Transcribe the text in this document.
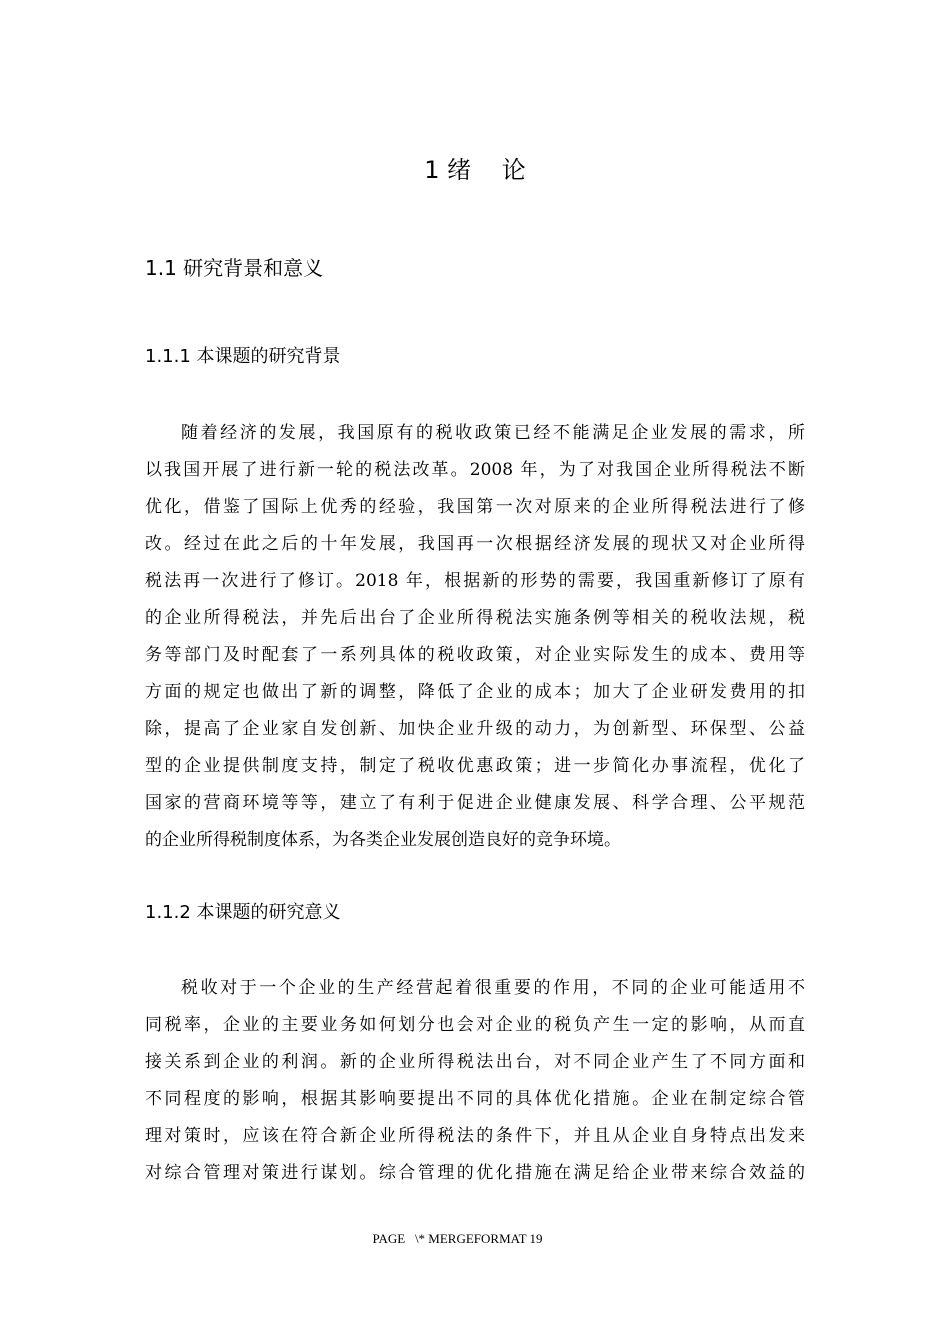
1 绪    论
1.1 研究背景和意义
1.1.1 本课题的研究背景
随着经济的发展，我国原有的税收政策已经不能满足企业发展的需求，所
以我国开展了进行新一轮的税法改革。2008 年，为了对我国企业所得税法不断
优化，借鉴了国际上优秀的经验，我国第一次对原来的企业所得税法进行了修
改。经过在此之后的十年发展，我国再一次根据经济发展的现状又对企业所得
税法再一次进行了修订。2018 年，根据新的形势的需要，我国重新修订了原有
的企业所得税法，并先后出台了企业所得税法实施条例等相关的税收法规，税
务等部门及时配套了一系列具体的税收政策，对企业实际发生的成本、费用等
方面的规定也做出了新的调整，降低了企业的成本；加大了企业研发费用的扣
除，提高了企业家自发创新、加快企业升级的动力，为创新型、环保型、公益
型的企业提供制度支持，制定了税收优惠政策；进一步简化办事流程，优化了
国家的营商环境等等，建立了有利于促进企业健康发展、科学合理、公平规范
的企业所得税制度体系，为各类企业发展创造良好的竞争环境。
1.1.2 本课题的研究意义
税收对于一个企业的生产经营起着很重要的作用，不同的企业可能适用不
同税率，企业的主要业务如何划分也会对企业的税负产生一定的影响，从而直
接关系到企业的利润。新的企业所得税法出台，对不同企业产生了不同方面和
不同程度的影响，根据其影响要提出不同的具体优化措施。企业在制定综合管
理对策时，应该在符合新企业所得税法的条件下，并且从企业自身特点出发来
对综合管理对策进行谋划。综合管理的优化措施在满足给企业带来综合效益的
PAGE   \* MERGEFORMAT 19
